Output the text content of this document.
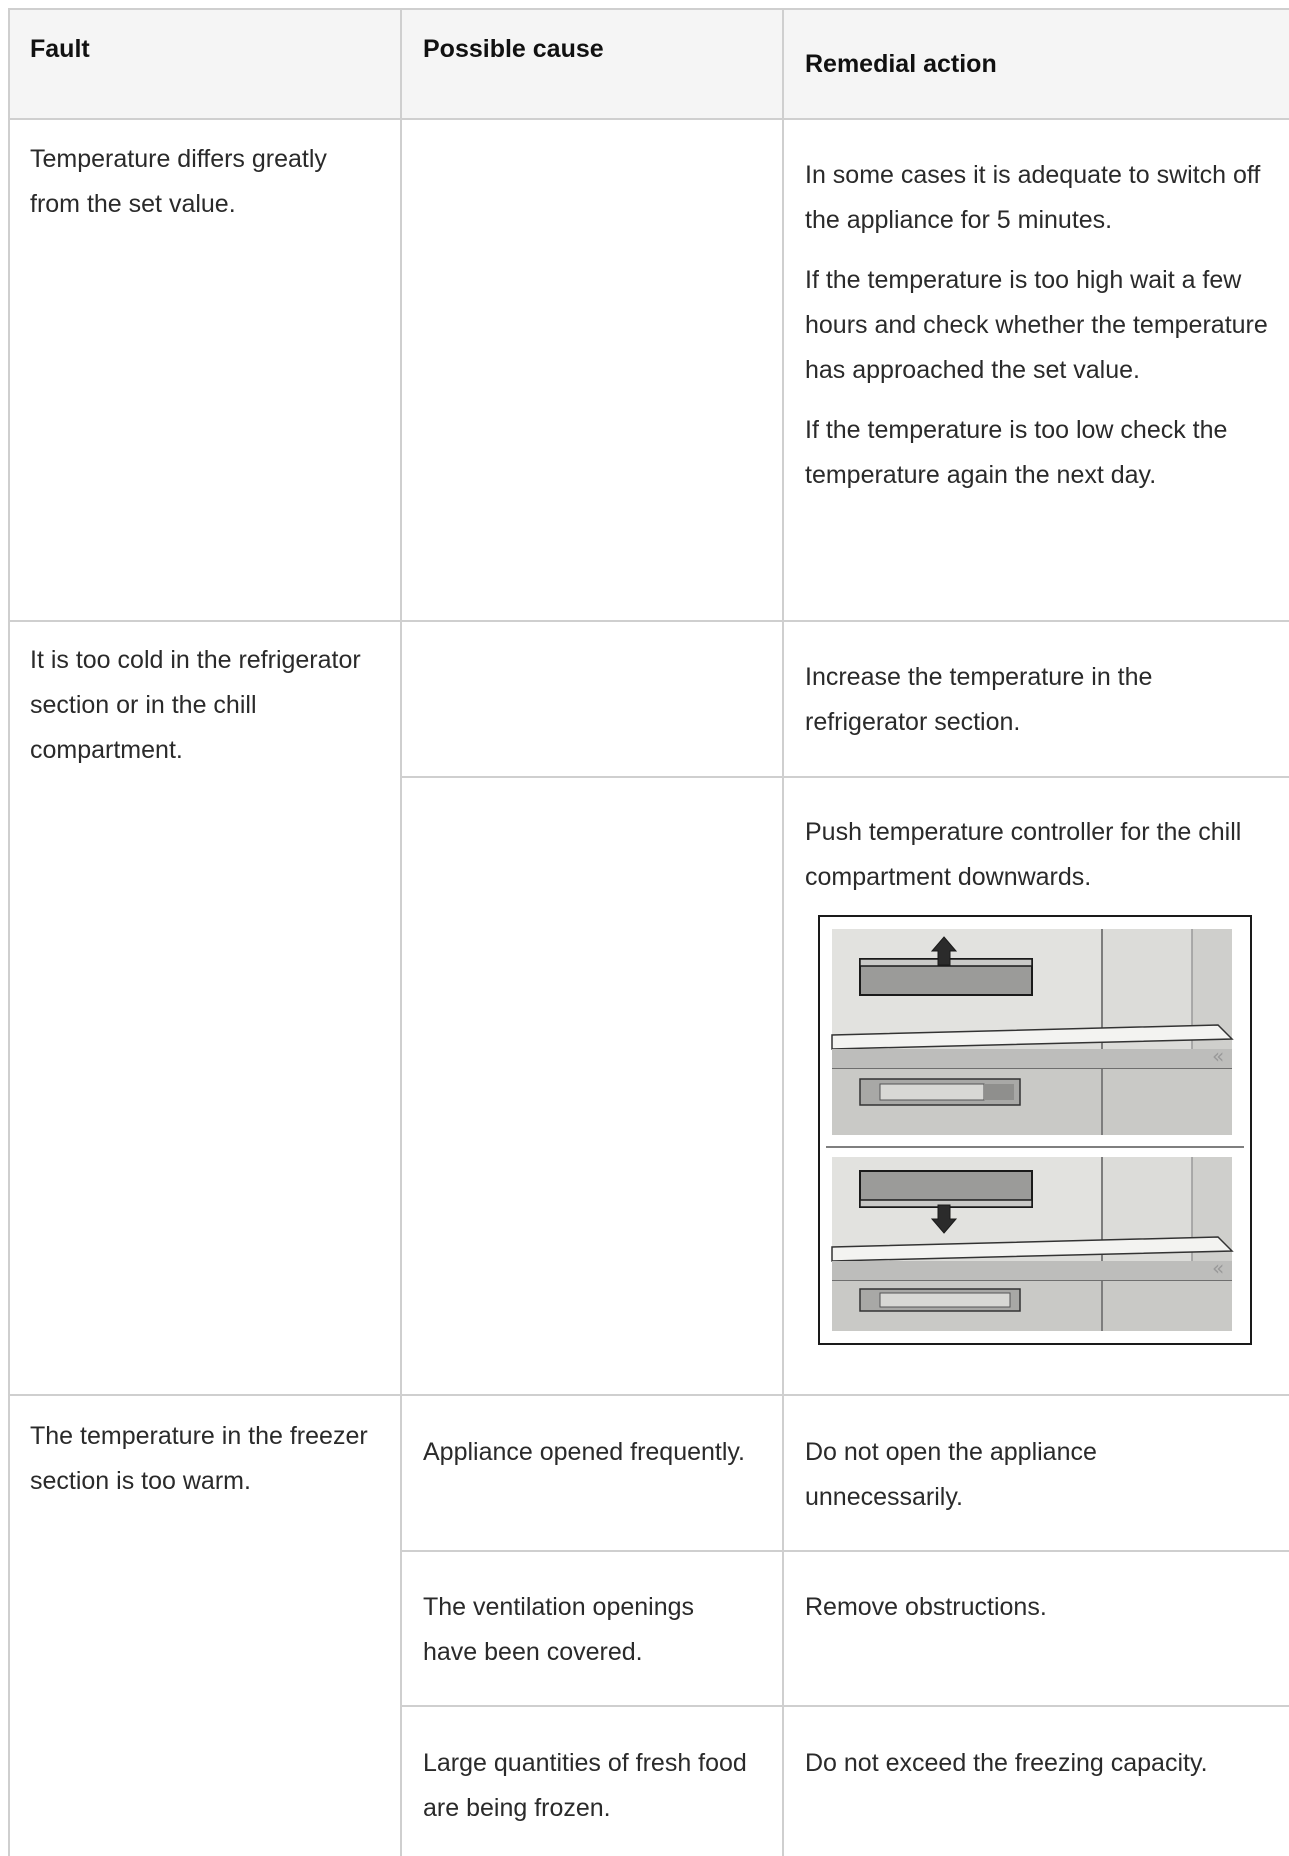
Fault	Possible cause
Remedial action
Temperature differs greatly from the set value.

In some cases it is adequate to switch off the appliance for 5 minutes.

If the temperature is too high wait a few hours and check whether the temperature has approached the set value.

If the temperature is too low check the temperature again the next day.

It is too cold in the refrigerator section or in the chill compartment.
Increase the temperature in the refrigerator section.
Push temperature controller for the chill compartment downwards.
«
«
The temperature in the freezer section is too warm.
Appliance opened frequently.	Do not open the appliance unnecessarily.
The ventilation openings have been covered.
Remove obstructions.
Large quantities of fresh food are being frozen.
Do not exceed the freezing capacity.
